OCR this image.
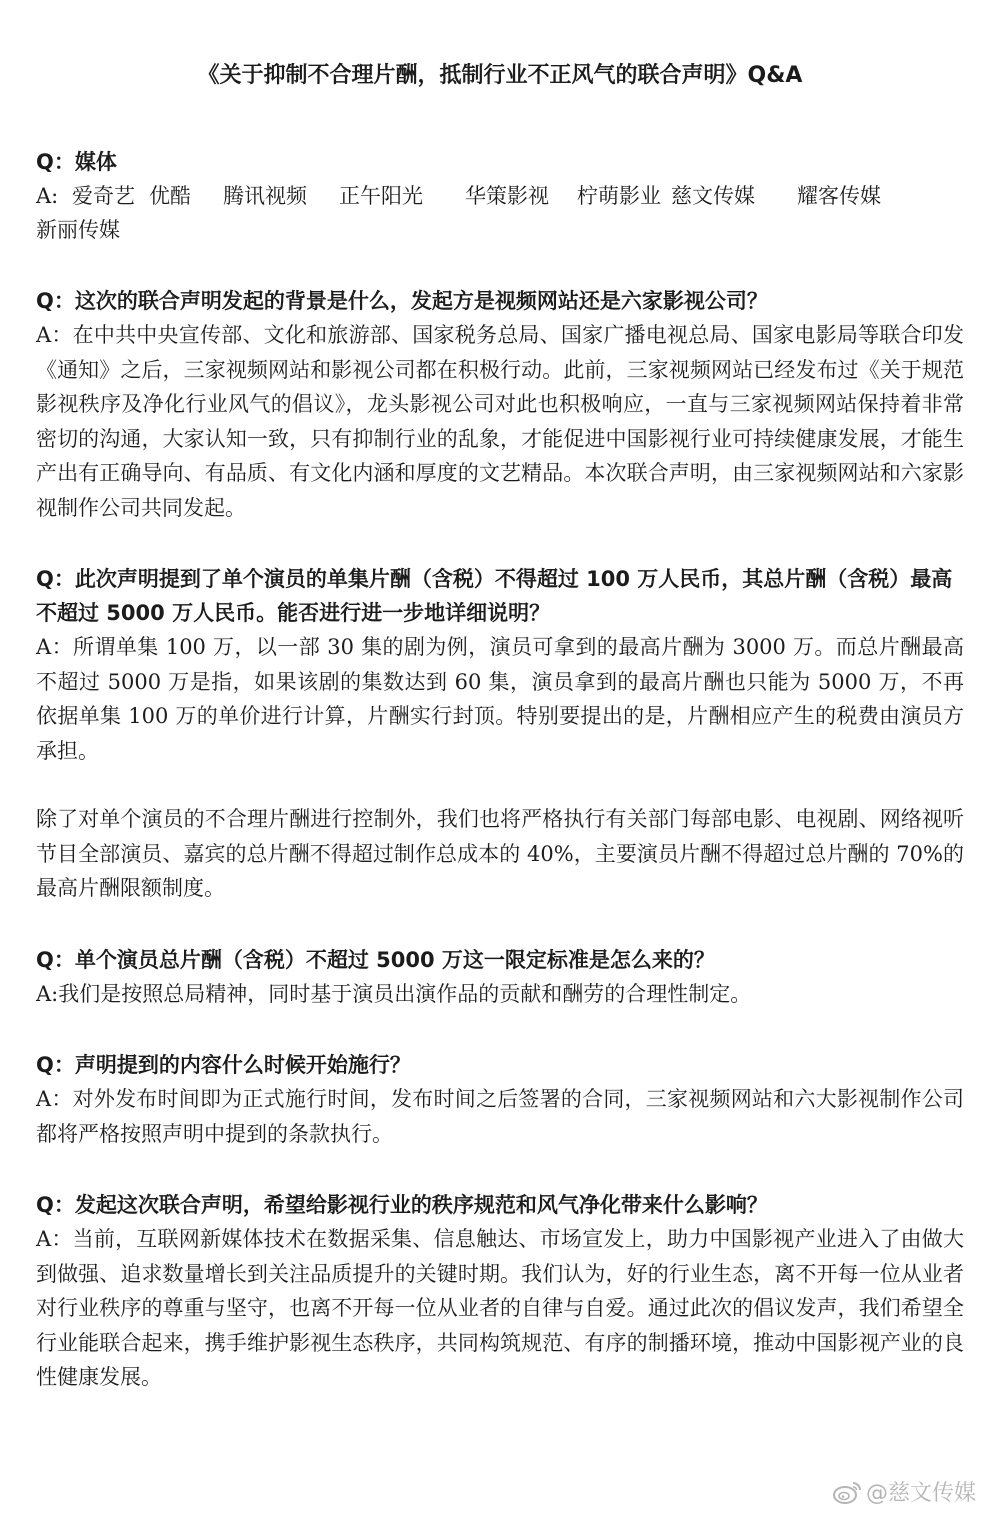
《关于抑制不合理片酬，抵制行业不正风气的联合声明》Q&A
Q：媒体
A: 爱奇艺 优酷 腾讯视频 正午阳光 华策影视 柠萌影业 慈文传媒 耀客传媒
新丽传媒
Q：这次的联合声明发起的背景是什么，发起方是视频网站还是六家影视公司？
A：在中共中央宣传部、文化和旅游部、国家税务总局、国家广播电视总局、国家电影局等联合印发《通知》之后，三家视频网站和影视公司都在积极行动。此前，三家视频网站已经发布过《关于规范影视秩序及净化行业风气的倡议》，龙头影视公司对此也积极响应，一直与三家视频网站保持着非常密切的沟通，大家认知一致，只有抑制行业的乱象，才能促进中国影视行业可持续健康发展，才能生产出有正确导向、有品质、有文化内涵和厚度的文艺精品。本次联合声明，由三家视频网站和六家影视制作公司共同发起。
Q：此次声明提到了单个演员的单集片酬（含税）不得超过 100 万人民币，其总片酬（含税）最高不超过 5000 万人民币。能否进行进一步地详细说明？
A：所谓单集 100 万，以一部 30 集的剧为例，演员可拿到的最高片酬为 3000 万。而总片酬最高不超过 5000 万是指，如果该剧的集数达到 60 集，演员拿到的最高片酬也只能为 5000 万，不再依据单集 100 万的单价进行计算，片酬实行封顶。特别要提出的是，片酬相应产生的税费由演员方承担。
除了对单个演员的不合理片酬进行控制外，我们也将严格执行有关部门每部电影、电视剧、网络视听节目全部演员、嘉宾的总片酬不得超过制作总成本的 40%，主要演员片酬不得超过总片酬的 70%的最高片酬限额制度。
Q：单个演员总片酬（含税）不超过 5000 万这一限定标准是怎么来的？
A:我们是按照总局精神，同时基于演员出演作品的贡献和酬劳的合理性制定。
Q：声明提到的内容什么时候开始施行？
A：对外发布时间即为正式施行时间，发布时间之后签署的合同，三家视频网站和六大影视制作公司都将严格按照声明中提到的条款执行。
Q：发起这次联合声明，希望给影视行业的秩序规范和风气净化带来什么影响？
A：当前，互联网新媒体技术在数据采集、信息触达、市场宣发上，助力中国影视产业进入了由做大到做强、追求数量增长到关注品质提升的关键时期。我们认为，好的行业生态，离不开每一位从业者对行业秩序的尊重与坚守，也离不开每一位从业者的自律与自爱。通过此次的倡议发声，我们希望全行业能联合起来，携手维护影视生态秩序，共同构筑规范、有序的制播环境，推动中国影视产业的良性健康发展。
@慈文传媒
